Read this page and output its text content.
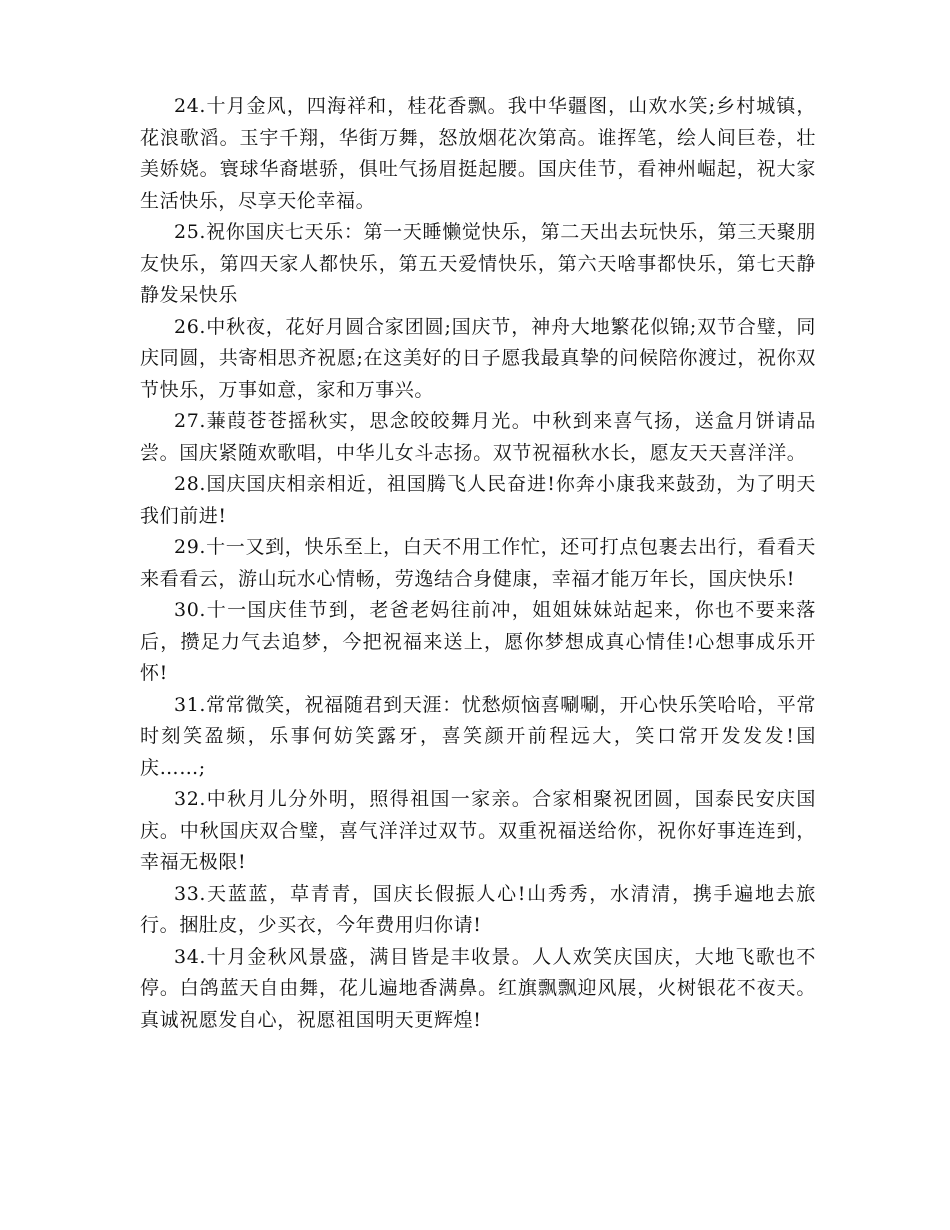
24.十月金风，四海祥和，桂花香飘。我中华疆图，山欢水笑;乡村城镇，花浪歌滔。玉宇千翔，华街万舞，怒放烟花次第高。谁挥笔，绘人间巨卷，壮美娇娆。寰球华裔堪骄，俱吐气扬眉挺起腰。国庆佳节，看神州崛起，祝大家生活快乐，尽享天伦幸福。

25.祝你国庆七天乐：第一天睡懒觉快乐，第二天出去玩快乐，第三天聚朋友快乐，第四天家人都快乐，第五天爱情快乐，第六天啥事都快乐，第七天静静发呆快乐

26.中秋夜，花好月圆合家团圆;国庆节，神舟大地繁花似锦;双节合璧，同庆同圆，共寄相思齐祝愿;在这美好的日子愿我最真挚的问候陪你渡过，祝你双节快乐，万事如意，家和万事兴。

27.蒹葭苍苍摇秋实，思念皎皎舞月光。中秋到来喜气扬，送盒月饼请品尝。国庆紧随欢歌唱，中华儿女斗志扬。双节祝福秋水长，愿友天天喜洋洋。

28.国庆国庆相亲相近，祖国腾飞人民奋进!你奔小康我来鼓劲，为了明天我们前进!

29.十一又到，快乐至上，白天不用工作忙，还可打点包裹去出行，看看天来看看云，游山玩水心情畅，劳逸结合身健康，幸福才能万年长，国庆快乐!

30.十一国庆佳节到，老爸老妈往前冲，姐姐妹妹站起来，你也不要来落后，攒足力气去追梦，今把祝福来送上，愿你梦想成真心情佳!心想事成乐开怀!

31.常常微笑，祝福随君到天涯：忧愁烦恼喜唰唰，开心快乐笑哈哈，平常时刻笑盈频，乐事何妨笑露牙，喜笑颜开前程远大，笑口常开发发发!国庆……;

32.中秋月儿分外明，照得祖国一家亲。合家相聚祝团圆，国泰民安庆国庆。中秋国庆双合璧，喜气洋洋过双节。双重祝福送给你，祝你好事连连到，幸福无极限!

33.天蓝蓝，草青青，国庆长假振人心!山秀秀，水清清，携手遍地去旅行。捆肚皮，少买衣，今年费用归你请!

34.十月金秋风景盛，满目皆是丰收景。人人欢笑庆国庆，大地飞歌也不停。白鸽蓝天自由舞，花儿遍地香满鼻。红旗飘飘迎风展，火树银花不夜天。真诚祝愿发自心，祝愿祖国明天更辉煌!
